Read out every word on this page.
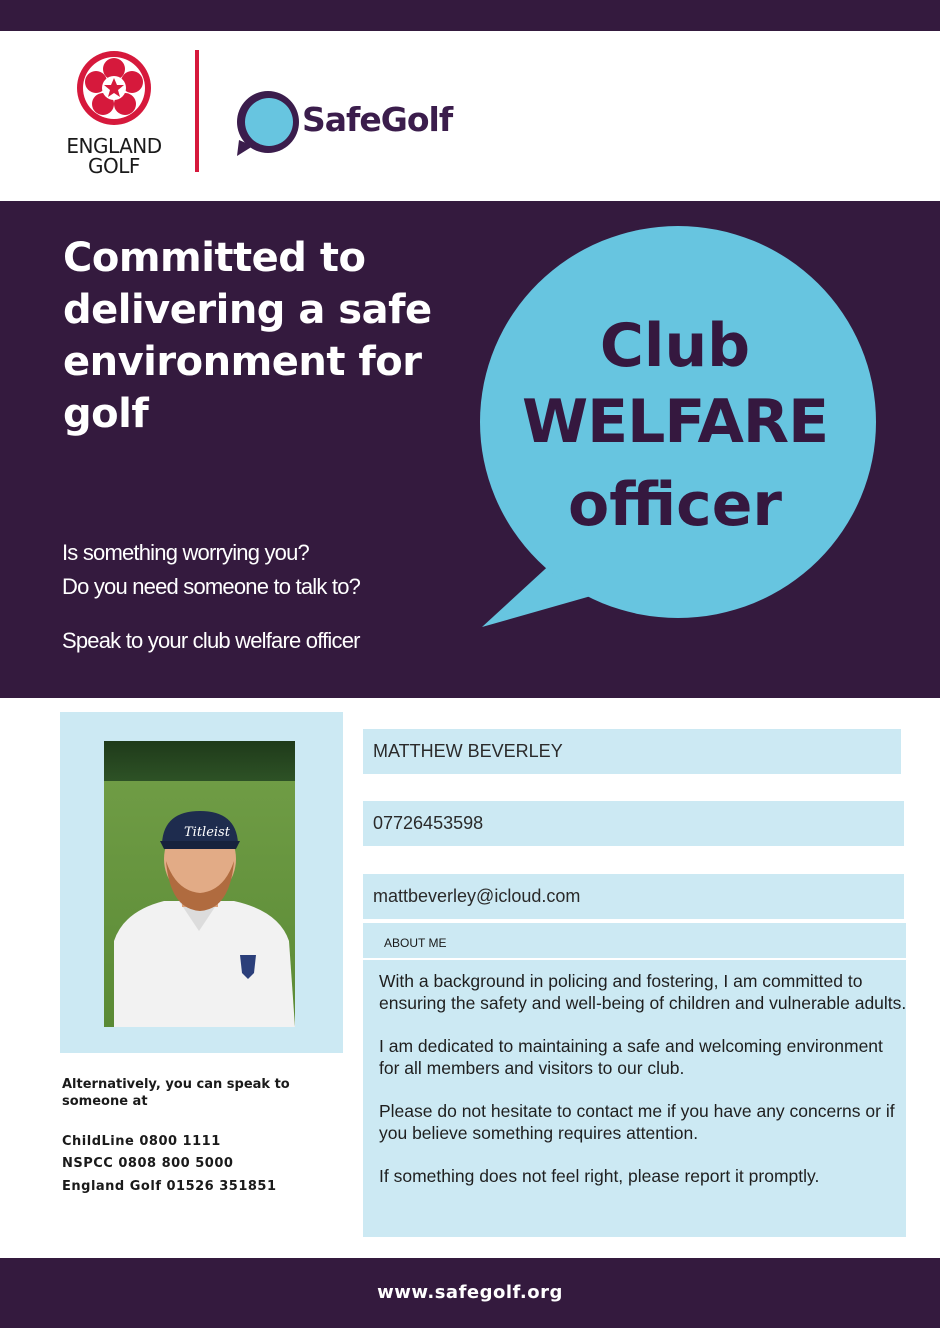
ENGLAND
GOLF
SafeGolf
Committed to delivering a safe environment for golf
Is something worrying you?
Do you need someone to talk to?
Speak to your club welfare officer
Club
WELFARE
officer
Titleist
Alternatively, you can speak to someone at
ChildLine 0800 1111
NSPCC 0808 800 5000
England Golf 01526 351851
MATTHEW BEVERLEY
07726453598
mattbeverley@icloud.com
ABOUT ME

With a background in policing and fostering, I am committed to ensuring the safety and well-being of children and vulnerable adults.

I am dedicated to maintaining a safe and welcoming environment for all members and visitors to our club.

Please do not hesitate to contact me if you have any concerns or if you believe something requires attention.

If something does not feel right, please report it promptly.

www.safegolf.org
